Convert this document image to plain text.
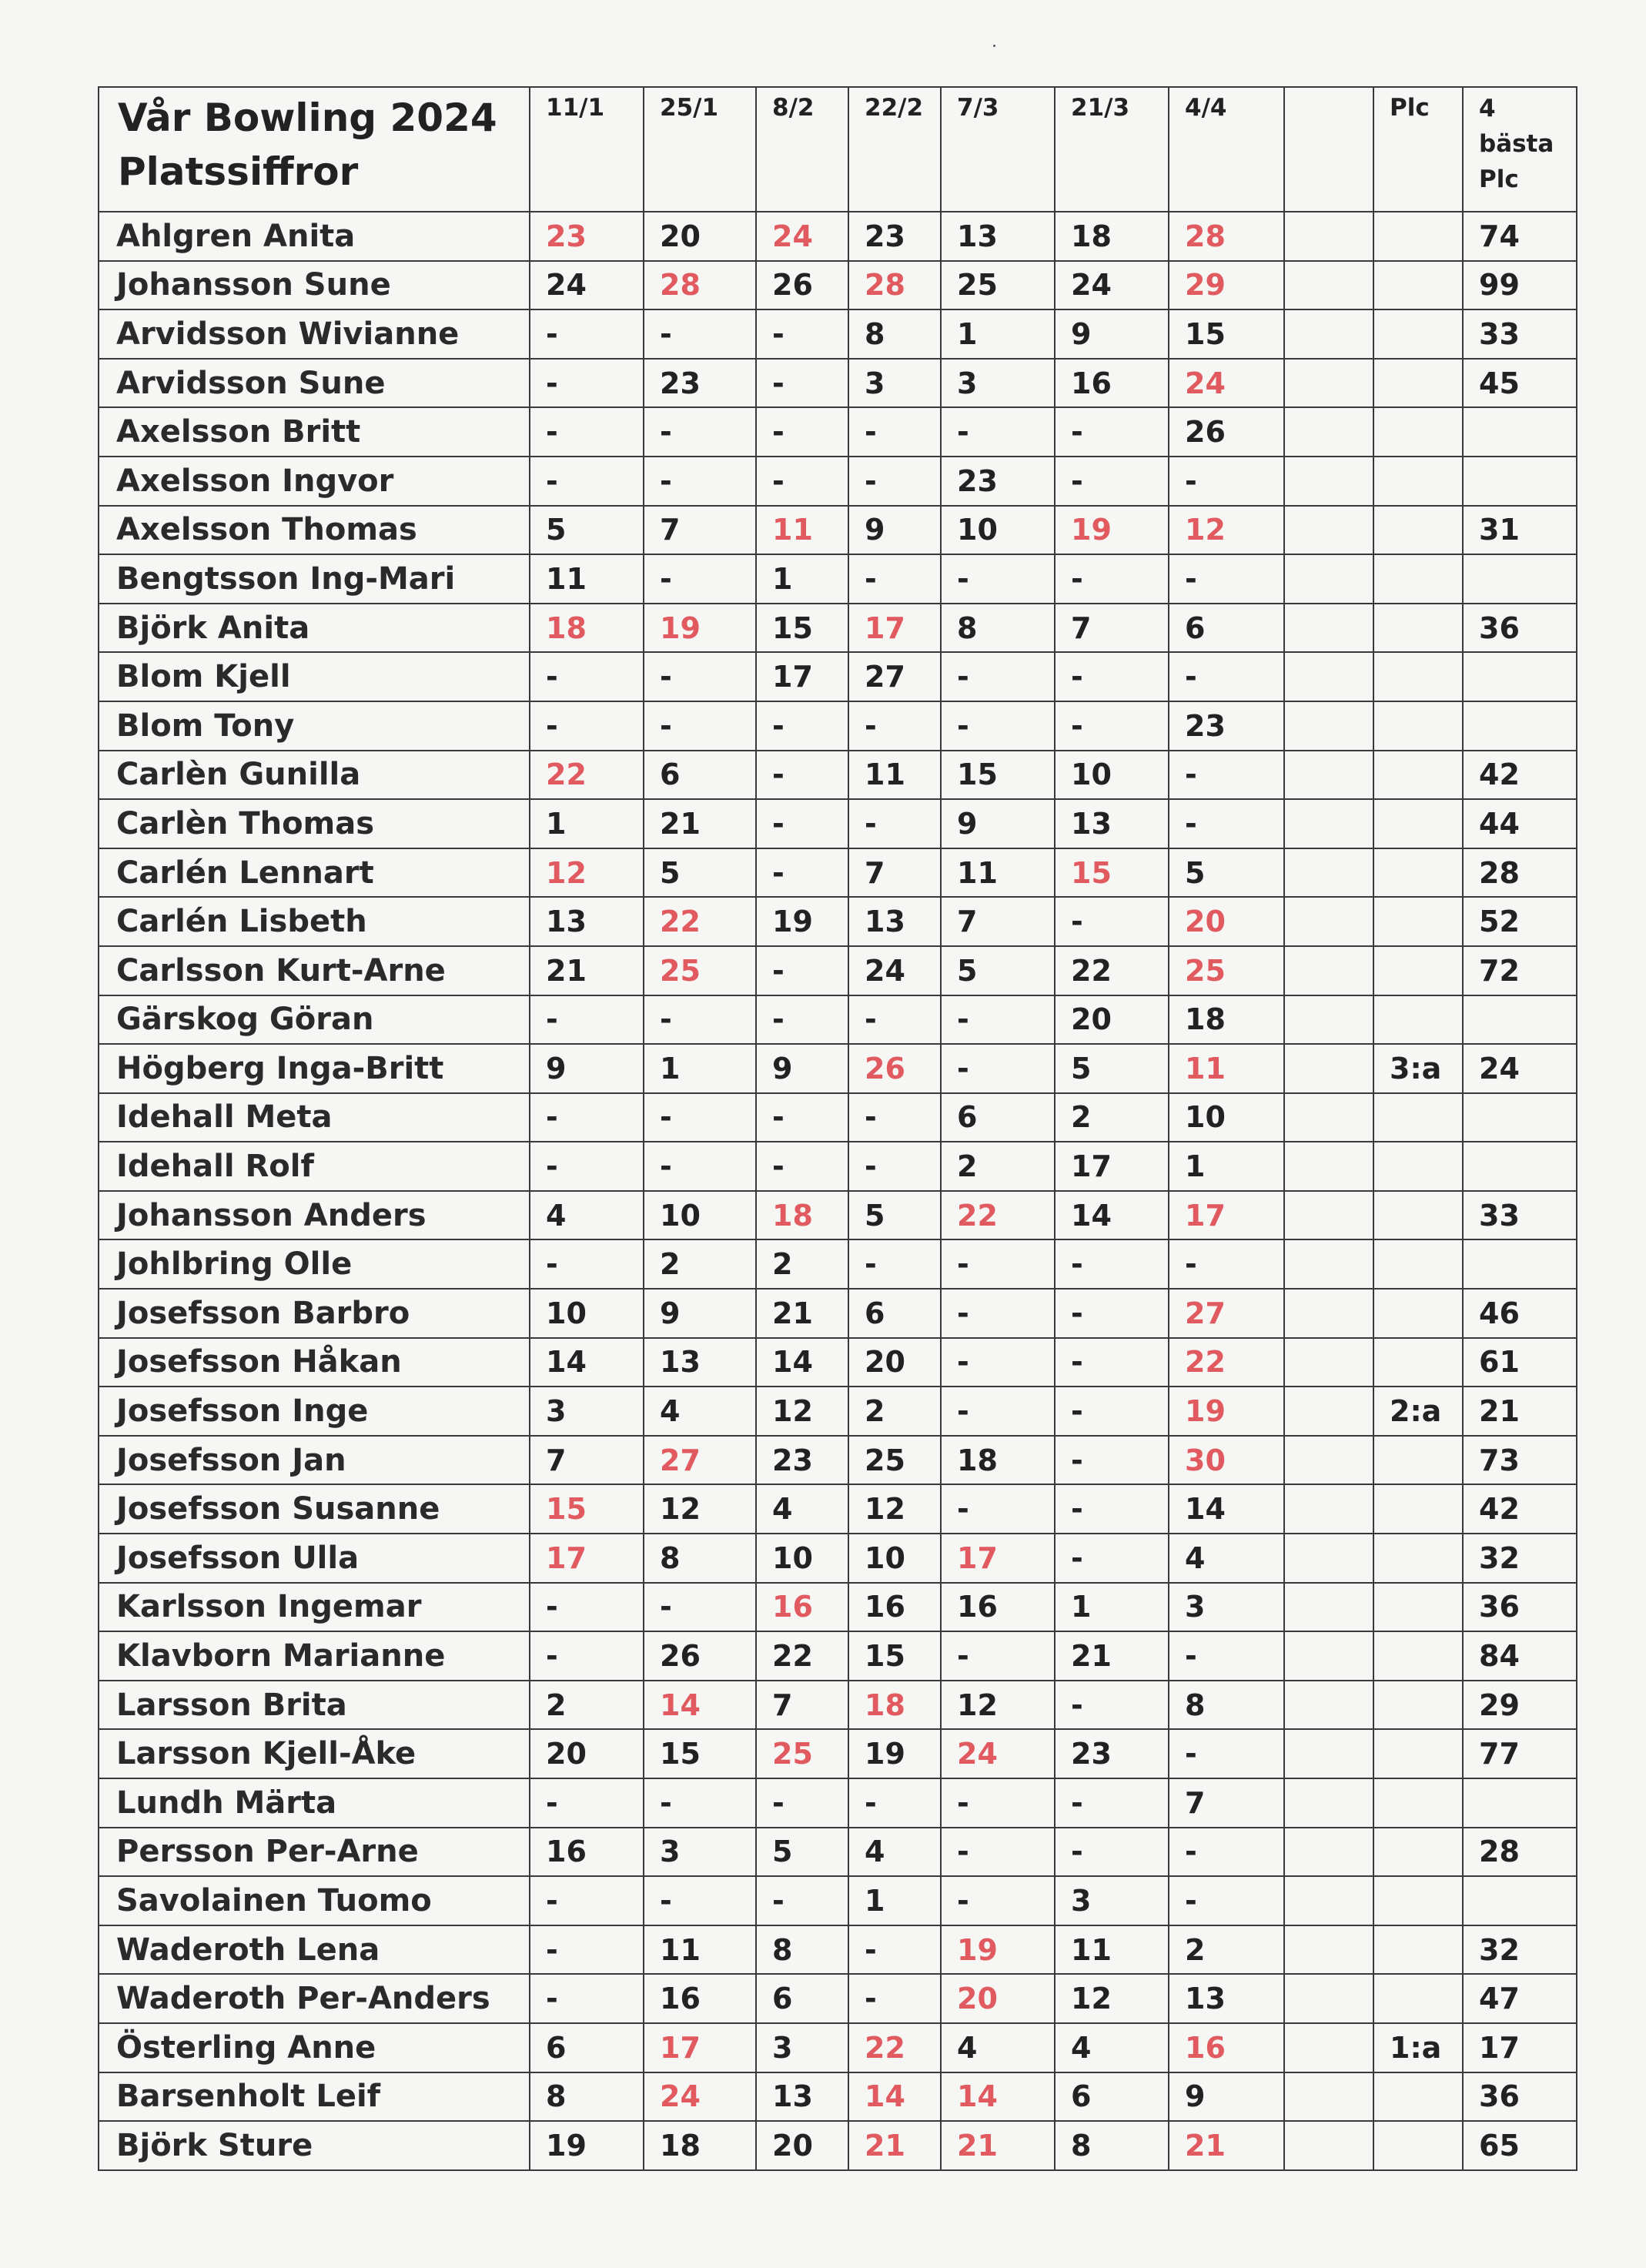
Vår Bowling 2024
Platssiffror	11/1	25/1	8/2	22/2	7/3	21/3	4/4		Plc	4 bästa Plc
Ahlgren Anita	23	20	24	23	13	18	28			74
Johansson Sune	24	28	26	28	25	24	29			99
Arvidsson Wivianne	-	-	-	8	1	9	15			33
Arvidsson Sune	-	23	-	3	3	16	24			45
Axelsson Britt	-	-	-	-	-	-	26			
Axelsson Ingvor	-	-	-	-	23	-	-			
Axelsson Thomas	5	7	11	9	10	19	12			31
Bengtsson Ing-Mari	11	-	1	-	-	-	-			
Björk Anita	18	19	15	17	8	7	6			36
Blom Kjell	-	-	17	27	-	-	-			
Blom Tony	-	-	-	-	-	-	23			
Carlèn Gunilla	22	6	-	11	15	10	-			42
Carlèn Thomas	1	21	-	-	9	13	-			44
Carlén Lennart	12	5	-	7	11	15	5			28
Carlén Lisbeth	13	22	19	13	7	-	20			52
Carlsson Kurt-Arne	21	25	-	24	5	22	25			72
Gärskog Göran	-	-	-	-	-	20	18			
Högberg Inga-Britt	9	1	9	26	-	5	11		3:a	24
Idehall Meta	-	-	-	-	6	2	10			
Idehall Rolf	-	-	-	-	2	17	1			
Johansson Anders	4	10	18	5	22	14	17			33
Johlbring Olle	-	2	2	-	-	-	-			
Josefsson Barbro	10	9	21	6	-	-	27			46
Josefsson Håkan	14	13	14	20	-	-	22			61
Josefsson Inge	3	4	12	2	-	-	19		2:a	21
Josefsson Jan	7	27	23	25	18	-	30			73
Josefsson Susanne	15	12	4	12	-	-	14			42
Josefsson Ulla	17	8	10	10	17	-	4			32
Karlsson Ingemar	-	-	16	16	16	1	3			36
Klavborn Marianne	-	26	22	15	-	21	-			84
Larsson Brita	2	14	7	18	12	-	8			29
Larsson Kjell-Åke	20	15	25	19	24	23	-			77
Lundh Märta	-	-	-	-	-	-	7			
Persson Per-Arne	16	3	5	4	-	-	-			28
Savolainen Tuomo	-	-	-	1	-	3	-			
Waderoth Lena	-	11	8	-	19	11	2			32
Waderoth Per-Anders	-	16	6	-	20	12	13			47
Österling Anne	6	17	3	22	4	4	16		1:a	17
Barsenholt Leif	8	24	13	14	14	6	9			36
Björk Sture	19	18	20	21	21	8	21			65
